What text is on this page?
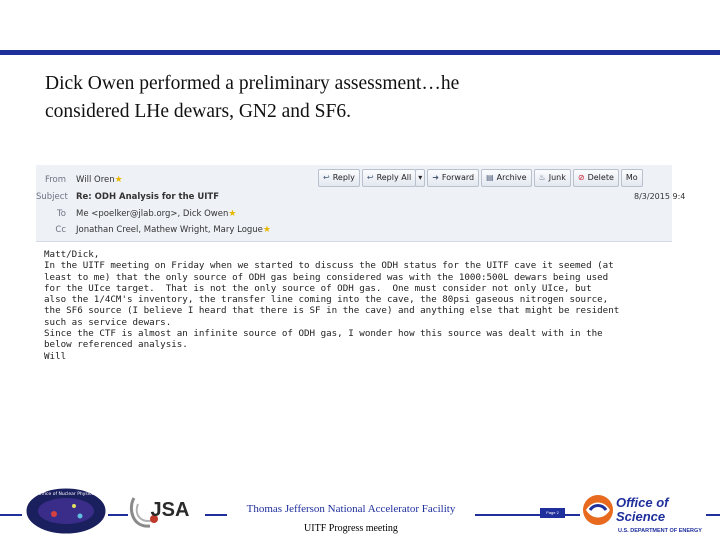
Dick Owen performed a preliminary assessment…he
considered LHe dewars, GN2 and SF6.
From Will Oren★
Subject Re: ODH Analysis for the UITF
To Me <poelker@jlab.org>, Dick Owen★
Cc Jonathan Creel, Mathew Wright, Mary Logue★
↩ Reply ↩ Reply All ▾ ➜ Forward ▤ Archive ♨ Junk ⊘ Delete Mo
8/3/2015 9:4
Matt/Dick,
In the UITF meeting on Friday when we started to discuss the ODH status for the UITF cave it seemed (at
least to me) that the only source of ODH gas being considered was with the 1000:500L dewars being used
for the UIce target.  That is not the only source of ODH gas.  One must consider not only UIce, but
also the 1/4CM's inventory, the transfer line coming into the cave, the 80psi gaseous nitrogen source,
the SF6 source (I believe I heard that there is SF in the cave) and anything else that might be resident
such as service dewars.
Since the CTF is almost an infinite source of ODH gas, I wonder how this source was dealt with in the
below referenced analysis.
Will
Office of Nuclear Physics
JSA	Thomas Jefferson National Accelerator Facility
UITF Progress meeting
Page 2
Office of
Science
U.S. DEPARTMENT OF ENERGY
